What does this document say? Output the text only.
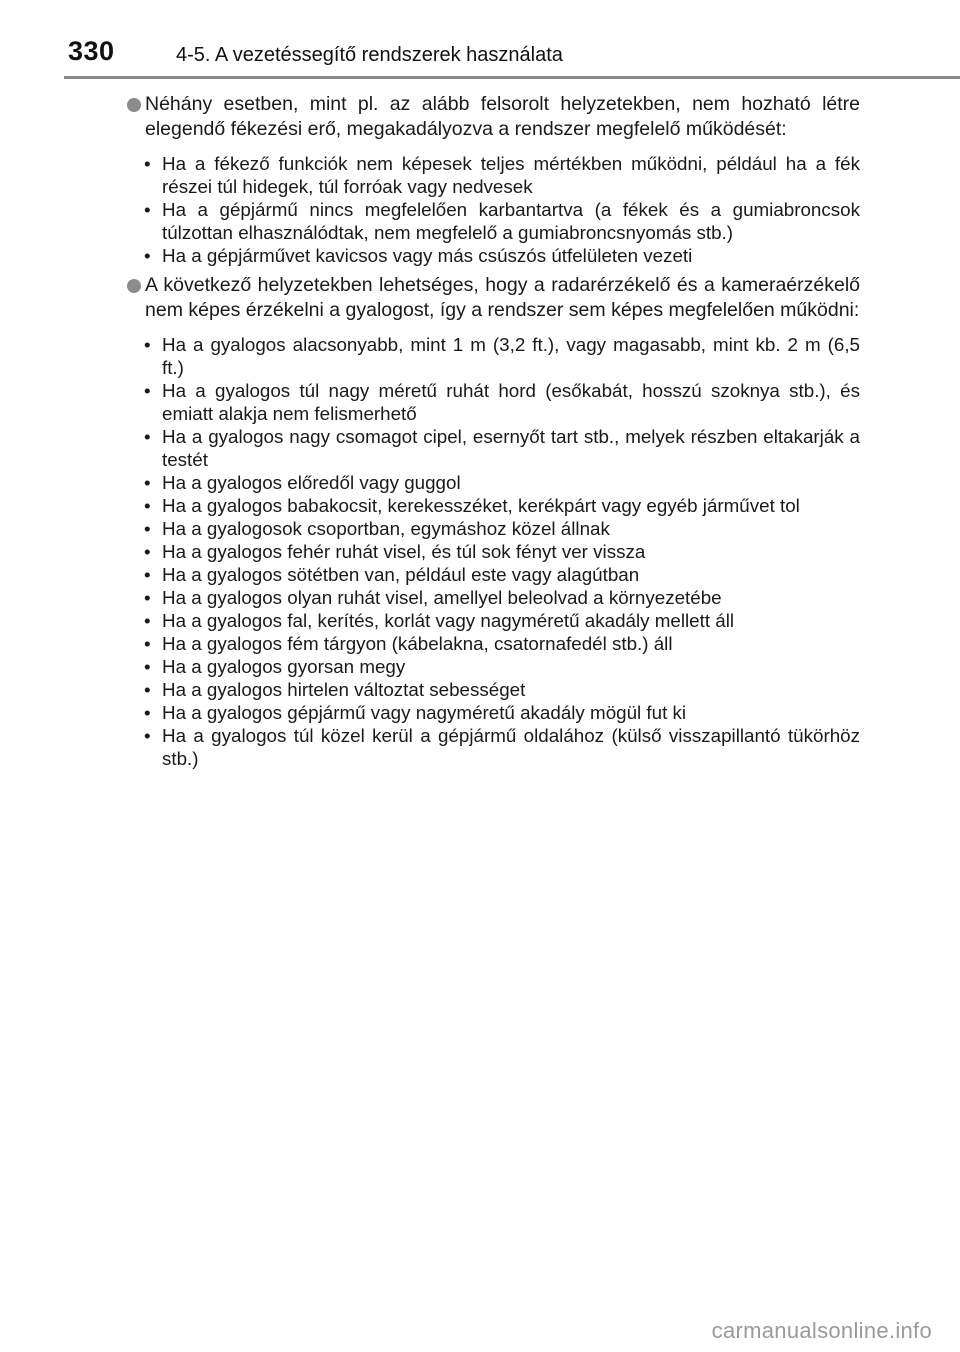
330	4-5. A vezetéssegítő rendszerek használata
Néhány esetben, mint pl. az alább felsorolt helyzetekben, nem hozható létre elegendő fékezési erő, megakadályozva a rendszer megfelelő működését:
• Ha a fékező funkciók nem képesek teljes mértékben működni, például ha a fék részei túl hidegek, túl forróak vagy nedvesek
• Ha a gépjármű nincs megfelelően karbantartva (a fékek és a gumiabroncsok túlzottan elhasználódtak, nem megfelelő a gumiabroncsnyomás stb.)
• Ha a gépjárművet kavicsos vagy más csúszós útfelületen vezeti
A következő helyzetekben lehetséges, hogy a radarérzékelő és a kameraérzékelő nem képes érzékelni a gyalogost, így a rendszer sem képes megfelelően működni:
• Ha a gyalogos alacsonyabb, mint 1 m (3,2 ft.), vagy magasabb, mint kb. 2 m (6,5 ft.)
• Ha a gyalogos túl nagy méretű ruhát hord (esőkabát, hosszú szoknya stb.), és emiatt alakja nem felismerhető
• Ha a gyalogos nagy csomagot cipel, esernyőt tart stb., melyek részben eltakarják a testét
• Ha a gyalogos előredől vagy guggol
• Ha a gyalogos babakocsit, kerekesszéket, kerékpárt vagy egyéb járművet tol
• Ha a gyalogosok csoportban, egymáshoz közel állnak
• Ha a gyalogos fehér ruhát visel, és túl sok fényt ver vissza
• Ha a gyalogos sötétben van, például este vagy alagútban
• Ha a gyalogos olyan ruhát visel, amellyel beleolvad a környezetébe
• Ha a gyalogos fal, kerítés, korlát vagy nagyméretű akadály mellett áll
• Ha a gyalogos fém tárgyon (kábelakna, csatornafedél stb.) áll
• Ha a gyalogos gyorsan megy
• Ha a gyalogos hirtelen változtat sebességet
• Ha a gyalogos gépjármű vagy nagyméretű akadály mögül fut ki
• Ha a gyalogos túl közel kerül a gépjármű oldalához (külső visszapillantó tükörhöz stb.)
carmanualsonline.info
